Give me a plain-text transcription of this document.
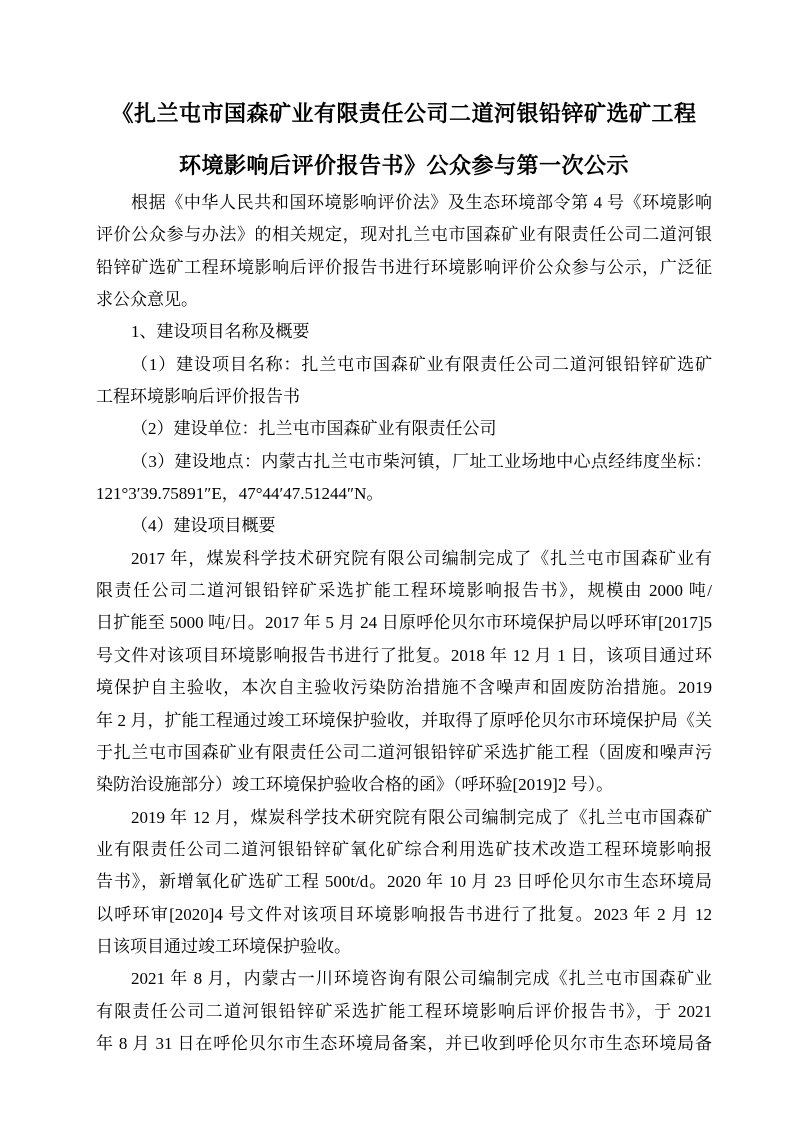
《扎兰屯市国森矿业有限责任公司二道河银铅锌矿选矿工程
环境影响后评价报告书》公众参与第一次公示
根据《中华人民共和国环境影响评价法》及生态环境部令第 4 号《环境影响
评价公众参与办法》的相关规定，现对扎兰屯市国森矿业有限责任公司二道河银
铅锌矿选矿工程环境影响后评价报告书进行环境影响评价公众参与公示，广泛征
求公众意见。
1、建设项目名称及概要
（1）建设项目名称：扎兰屯市国森矿业有限责任公司二道河银铅锌矿选矿
工程环境影响后评价报告书
（2）建设单位：扎兰屯市国森矿业有限责任公司
（3）建设地点：内蒙古扎兰屯市柴河镇，厂址工业场地中心点经纬度坐标：
121°3′39.75891″E，47°44′47.51244″N。
（4）建设项目概要
2017 年，煤炭科学技术研究院有限公司编制完成了《扎兰屯市国森矿业有
限责任公司二道河银铅锌矿采选扩能工程环境影响报告书》，规模由 2000 吨/
日扩能至 5000 吨/日。2017 年 5 月 24 日原呼伦贝尔市环境保护局以呼环审[2017]5
号文件对该项目环境影响报告书进行了批复。2018 年 12 月 1 日，该项目通过环
境保护自主验收，本次自主验收污染防治措施不含噪声和固废防治措施。2019
年 2 月，扩能工程通过竣工环境保护验收，并取得了原呼伦贝尔市环境保护局《关
于扎兰屯市国森矿业有限责任公司二道河银铅锌矿采选扩能工程（固废和噪声污
染防治设施部分）竣工环境保护验收合格的函》（呼环验[2019]2 号）。
2019 年 12 月，煤炭科学技术研究院有限公司编制完成了《扎兰屯市国森矿
业有限责任公司二道河银铅锌矿氧化矿综合利用选矿技术改造工程环境影响报
告书》，新增氧化矿选矿工程 500t/d。2020 年 10 月 23 日呼伦贝尔市生态环境局
以呼环审[2020]4 号文件对该项目环境影响报告书进行了批复。2023 年 2 月 12
日该项目通过竣工环境保护验收。
2021 年 8 月，内蒙古一川环境咨询有限公司编制完成《扎兰屯市国森矿业
有限责任公司二道河银铅锌矿采选扩能工程环境影响后评价报告书》，于 2021
年 8 月 31 日在呼伦贝尔市生态环境局备案，并已收到呼伦贝尔市生态环境局备
